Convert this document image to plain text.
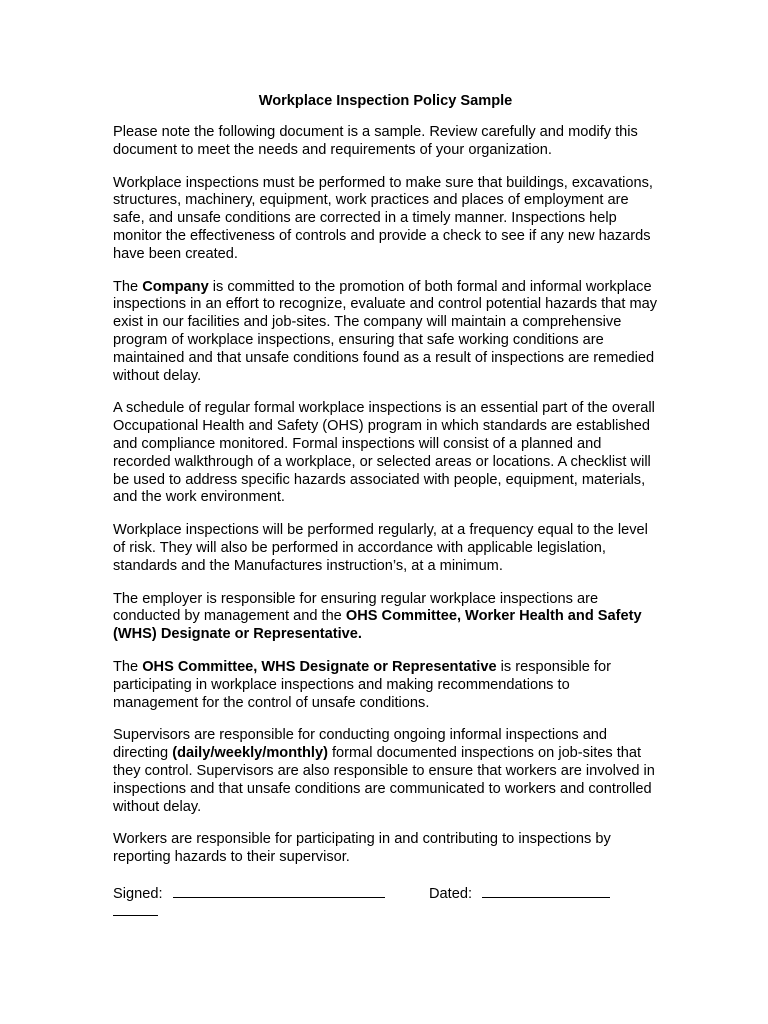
Workplace Inspection Policy Sample

Please note the following document is a sample. Review carefully and modify this document to meet the needs and requirements of your organization.

Workplace inspections must be performed to make sure that buildings, excavations, structures, machinery, equipment, work practices and places of employment are safe, and unsafe conditions are corrected in a timely manner. Inspections help monitor the effectiveness of controls and provide a check to see if any new hazards have been created.

The Company is committed to the promotion of both formal and informal workplace inspections in an effort to recognize, evaluate and control potential hazards that may exist in our facilities and job-sites. The company will maintain a comprehensive program of workplace inspections, ensuring that safe working conditions are maintained and that unsafe conditions found as a result of inspections are remedied without delay.

A schedule of regular formal workplace inspections is an essential part of the overall Occupational Health and Safety (OHS) program in which standards are established and compliance monitored. Formal inspections will consist of a planned and recorded walkthrough of a workplace, or selected areas or locations. A checklist will be used to address specific hazards associated with people, equipment, materials, and the work environment.

Workplace inspections will be performed regularly, at a frequency equal to the level of risk. They will also be performed in accordance with applicable legislation, standards and the Manufactures instruction’s, at a minimum.

The employer is responsible for ensuring regular workplace inspections are conducted by management and the OHS Committee, Worker Health and Safety (WHS) Designate or Representative.

The OHS Committee, WHS Designate or Representative is responsible for participating in workplace inspections and making recommendations to management for the control of unsafe conditions.

Supervisors are responsible for conducting ongoing informal inspections and directing (daily/weekly/monthly) formal documented inspections on job-sites that they control. Supervisors are also responsible to ensure that workers are involved in inspections and that unsafe conditions are communicated to workers and controlled without delay.

Workers are responsible for participating in and contributing to inspections by reporting hazards to their supervisor.

Signed:	Dated:
